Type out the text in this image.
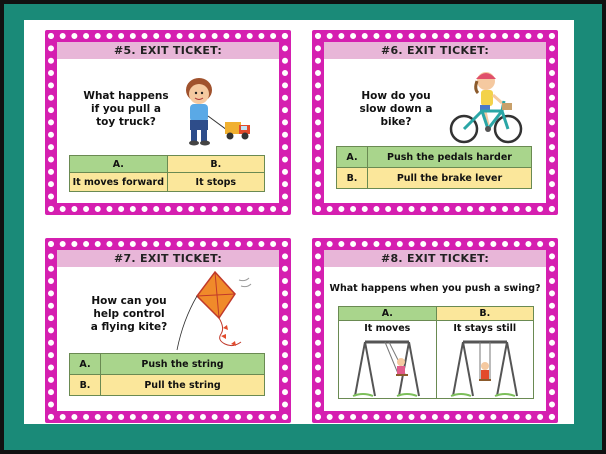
#5. EXIT TICKET:
What happens if you pull a toy truck?
A.	B.
It moves forward	It stops
#6. EXIT TICKET:
How do you slow down a bike?
A.	Push the pedals harder
B.	Pull the brake lever
#7. EXIT TICKET:
How can you help control a flying kite?
A.	Push the string
B.	Pull the string
#8. EXIT TICKET:
What happens when you push a swing?
A.	B.
It moves	It stays still
